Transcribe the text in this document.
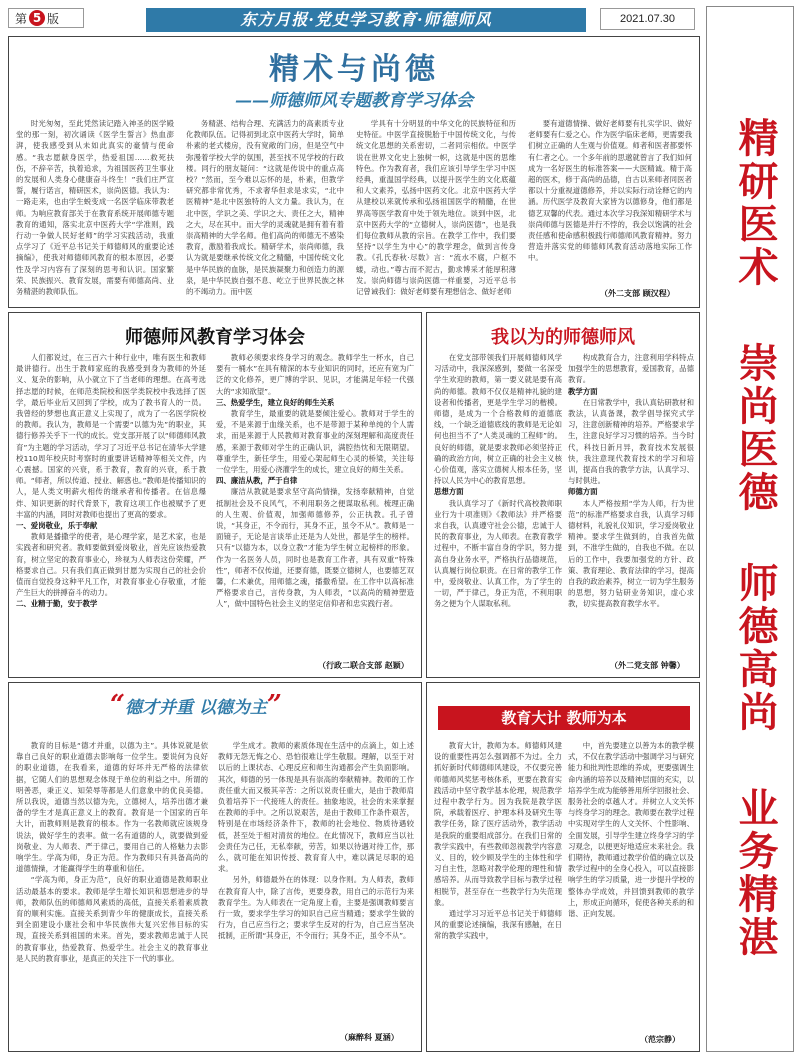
第 5 版	东方月报·党史学习教育·师德师风	2021.07.30
精研医术
崇尚医德
师德高尚
业务精湛
精术与尚德
——师德师风专题教育学习体会

时光匆匆，至此凭然读记踏入神圣的医学殿堂的那一刻，初次诵读《医学生誓言》热血澎湃，使我感受到从未如此真实的豪情与使命感。“我志愿献身医学，热爱祖国……救死扶伤，不辞辛苦，执着追求，为祖国医药卫生事业的发展和人类身心健康奋斗终生！”我们庄严宣誓，履行诺言，精研医术，崇尚医德。我认为：一路走来，也由学生蜕变成一名医学临床带教老师。为响应教育部关于在教育系统开展师德专题教育的通知，落实北京中医药大学“学准则，践行动一争做人民好老师”的学习实践活动，我重点学习了《近平总书记关于师德师风的重要论述摘编》，使我对师德师风教育的根本原因，必要性及学习内容有了深刻的思考和认识。国家繁荣、民族振兴、教育发展，需要有师德高尚、业务精湛的教师队伍。

务精湛、结构合理、充满活力的高素质专业化教师队伍。记得初到北京中医药大学时，简单朴素的老式楼房，没有宽敞的门房，但是空气中弥漫着学校大学的氛围，甚至找不见学校的行政楼。同行的朋友疑问：“这就是传说中的重点高校？”然而，至今难以忘怀的是，朴素，但教学研究都非常优秀，不求奢华但求是求实，“北中医精神”是北中医独特的人文力量。我认为，在北中医，学识之美、学识之大、责任之大，精神之大，尽在其中。而大学的灵魂就是拥有着有着崇高精神的大学名师。他们高尚的师德无不感染教育，激励着我成长。精研学术，崇尚师德，我认为就是要继承传统文化之精髓，中国传统文化是中华民族的血脉，是民族凝聚力和创造力的源泉，是中华民族自强不息、屹立于世界民族之林的不竭动力。而中医

学具有十分明显的中华文化的民族特征和历史特征。中医学直接脱胎于中国传统文化，与传统文化思想的关系密切，二者同宗相依。中医学说在世界文化史上独树一帜，这就是中医的思维特色。作为教育者，我们应该引导学生学习中医经典，重温国学经典，以提升医学生的文化底蕴和人文素养，弘扬中医药文化。北京中医药大学从建校以来就传承和弘扬祖国医学的精髓，在世界高等医学教育中处于领先地位。谈到中医，北京中医药大学的“立德树人，崇尚医德”，也是我们每位教师从教的宗旨。在教学工作中，我们要坚持“以学生为中心”的教学理念，做到言传身教。《孔氏春秋·尽数》言：“流水不腐，户枢不蝼，动也。”尊古而不泥古，勤求博采才能厚积薄发。崇尚师德与崇尚医德一样重要，习近平总书记曾诫我们：做好老师要有理想信念、做好老师

要有道德情操、做好老师要有扎实学识、做好老师要有仁爱之心。作为医学临床老师，更需要我们树立正确的人生观与价值观。师者和医者都要怀有仁者之心。一个多年前的思邈就曾言了我们如何成为一名好医生的标准答案——大医精诚。精于高超的医术，修于高尚的品德，自古以来师者同医者都以十分重视道德修养，并以实际行动诠释它的内涵。历代医学及教育大家皆为以德修身，他们都是德艺双馨的代表。通过本次学习我深知精研学术与崇尚师德与医德是并行不悖的，我会以饱满的社会责任感和使命感积极践行师德师风教育精神。努力营造并落实党的师德师风教育活动落地实际工作中。

（外二支部 顾汉程）
师德师风教育学习体会

人们都说过，在三百六十种行业中，唯有医生和教师最讲德行。出生于教师家庭的我感受到身为教师的外延义、复杂的影响，从小就立下了当老师的理想。在高考选择志愿的时候，在师范类院校和医学类院校中我选择了医学，最后毕业后又回到了学校，成为了教书育人的一员。我曾经的梦想也真正意义上实现了，成为了一名医学院校的教师。我认为，教师是一个需要“以德为先”的职业，其德行修养关乎下一代的成长。党支部开展了以“师德师风教育”为主题的学习活动，学习了习近平总书记在清华大学建校110周年校庆时考察时的重要讲话精神等相关文件，内心震撼。国家的兴衰，系于教育，教育的兴衰，系于教师。“师者，所以传道、授业、解惑也。”教师是传播知识的人，是人类文明薪火相传的继承者和传播者。在信息爆炸、知识更新的时代背景下，教育这项工作也被赋予了更丰富的内涵，同时对教师也提出了更高的要求。

一、爱岗敬业，乐于奉献

教师是播撒学的使者，是心理学家，是艺术家，也是实践者和研究者。教师要做到爱岗敬业，首先应该热爱教育，树立坚定的教育事业心，珍视为人师表这份荣耀，严格要求自己。只有我们真正做到甘愿为实现自己的社会价值而自觉投身这种平凡工作，对教育事业心存敬重，才能产生巨大的拼搏奋斗的动力。

二、业精于勤，安于教学

教师必须要求终身学习的观念。教师学生一杯水，自己要有一桶水”在具有精深的本专业知识的同时，还应有宽为广泛的文化修养，更广博的学识、见识，才能满足年轻一代强大的“求知欲望”。

三、热爱学生，建立良好的师生关系

教育学生，最重要的就是要倾注爱心。教师对于学生的爱，不是来源于血缘关系，也不是带源于某种单纯的个人需求，而是来源于人民教师对教育事业的深刻理解和高度责任感，来源于教师对学生的正确认识，满腔热忱和无限期望。尊重学生，新任学生，用爱心架起师生心灵的桥梁，关注每一位学生，用爱心浇灌学生的成长，建立良好的师生关系。

四、廉洁从教，严于自律

廉洁从教就是要求坚守高尚情操，发扬奉献精神，自觉抵制社会及不良风气，不利用职务之便谋取私利。梳理正确的人生观、价值观，加强师德修养，公正执教。孔子曾说，“其身正，不令而行，其身不正，虽令不从”。教师是一面镜子，无论是言谈举止还是为人处世，都是学生的榜样。只有“以德为本，以身立教”才能为学生树立起榜样的形象。作为一名医务人员，同时也是教育工作者，具有双重“特殊性”，师者不仅传道，还要育德，既要立德树人，也要德艺双馨，仁术兼优，用师德之魂，播撒希望。在工作中以高标准严格要求自己，言传身教，为人师表，“以高尚的精神塑造人”，做中国特色社会主义的坚定信仰者和忠实践行者。

（行政二联合支部 赵颖）
我以为的师德师风

在党支部带领我们开展师德师风学习活动中，我深深感到，要做一名深受学生欢迎的教师，第一要义就是要有高尚的师德。教师不仅仅是精神礼貌的建设者和传播者，更是学生学习的楷模。师德，是成为一个合格教师的道德底线，一个缺乏道德底线的教师是无论如何也担当不了“人类灵魂的工程师”的。良好的师德，就是要求教师必须坚持正确的政治方向，树立正确的社会主义核心价值观，落实立德树人根本任务，坚持以人民为中心的教育思想。

思想方面

我认真学习了《新时代高校教师职业行为十项准则》《教师法》并严格要求自我，认真遵守社会公德，忠诚于人民的教育事业，为人师表。在教育教学过程中，不断丰富自身的学识，努力提高自身业务水平，严格执行品德规范，认真履行岗位职责。在日常的教学工作中，爱岗敬业、认真工作，为了学生的一切，严于律己，身正为范，不利用职务之便为个人谋取私利。

构成教育合力，注意利用学科特点加强学生的思想教育，爱国教育，品德教育。

教学方面

在日常教学中，我认真钻研教材和教法，认真备课，教学倡导探究式学习，注意创新精神的培养。严格要求学生，注意良好学习习惯的培养。当今时代，科技日新月异，教育技术发展很快，我注意现代教育技术的学习和培训，提高自我的教学方法，认真学习、与时俱进。

师德方面

本人严格按照“学为人师，行为世范”的标准严格要求自我，认真学习师德材料，礼貌礼仪知识，学习爱岗敬业精神。要求学生做到的，自我首先做到，不准学生做的，自我也不做。在以后的工作中，我要加强党的方针、政策、教育理论、教育法律的学习，提高自我的政治素养，树立一切为学生服务的思想，努力钻研业务知识，虚心求教，切实提高教育教学水平。

（外二党支部 钟馨）
“德才并重 以德为主”

教育的目标是“德才并重，以德为主”。具体说就是依靠自己良好的职业道德去影响每一位学生。要说何为良好的职业道德，在我看来，道德的好坏并无严格的法律依据，它随人们的思想观念体现于单位的利益之中。所谓的明善恶，秉正义、知荣辱等都是人们意象中的优良美德。所以我说，道德当然以德为先，立德树人，培养出德才兼备的学生才是真正意义上的教育。教育是一个国家的百年大计，而教师则是教育的根本。作为一名教师就应该规身说法，做好学生的表率。做一名有道德的人，就要做到爱岗敬业、为人师表、严于律己，要用自己的人格魅力去影响学生。学高为师，身正为范。作为教师只有具备高尚的道德情操，才能赢得学生的尊重和信任。

“学高为师，身正为范”，良好的职业道德是教师职业活动最基本的要求。教师是学生增长知识和思想进步的导师，教师队伍的师德师风素质的高低，直接关系着素质教育的顺利实施。直接关系到青少年的健康成长，直接关系到全面建设小康社会和中华民族伟大复兴宏伟目标的实现，直接关系到祖国的未来。首先，要求教师忠诚于人民的教育事业，热爱教育、热爱学生。社会主义的教育事业是人民的教育事业，是真正的关注下一代的事业。

学生成才。教师的素质体现在生活中的点滴上，如上述教师无怨无悔之心、恐怕很难让学生敬服。理解，以至于对以后的上课状态、心理反应和师生沟通都会产生负面影响。其次，师德的另一体现是具有崇高的奉献精神。教师的工作责任重大而又极其辛苦：之所以说责任重大，是由于教师肩负着培养下一代接班人的责任。抽象地说，社会的未来掌握在教师的手中。之所以说艰苦，是由于教师工作条件艰苦，特别是在市场经济条件下，教师的社会地位、物质待遇较低，甚至处于相对清贫的地位。在此情况下，教师应当以社会责任为己任，无私奉献，劳苦，如果以待遇对待工作，那么，就可能在知识传授、教育育人中，难以满足尽职的追求。

另外，师德最外在的体现：以身作则。为人师表，教师在教育育人中，除了言传，更要身教，用自己的示范行为来教育学生。为人师表在一定角度上看，主要是强调教师要言行一致，要求学生学习的知识自己应当精通；要求学生做的行为，自己应当行之；要求学生反对的行为，自己应当坚决抵制，正所谓“其身正，不令而行；其身不正，虽令不从”。

（麻醉科 夏涵）
教育大计 教师为本

教育大计，教师为本。师德师风建设的重要性再怎么强调都不为过。全力抓好新时代师德师风建设，不仅要完善师德师风奖惩考核体系，更要在教育实践活动中坚守教学基本伦理，规范教学过程中教学行为。因为我院是教学医院，承载着医疗、护理本科及研究生等教学任务，除了医疗活动外，教学活动是我院的重要组成部分。在我们日常的教学实践中，有些教师忽视教学内容意义、目的，较少顾及学生的主体性和学习自主性，忽略对教学伦理的理性和情感培养。从而导致教学目标与教学过程相脱节，甚至存在一些教学行为失范现象。

通过学习习近平总书记关于师德师风的重要论述摘编，我深有感触，在日常的教学实践中，

中，首先要建立以善为本的教学模式，不仅在教学活动中强调学习与研究能力和批判性思维的养成，更要强调生命内涵的培养以及精神层面的充实，以培养学生成为能够善用所学回报社会、服务社会的卓越人才。并树立人文关怀与终身学习的理念。教师要在教学过程中实现对学生的人文关怀、个性影响、全面发展，引导学生建立终身学习的学习观念，以便更好地适应未来社会。我们期待，教师通过教学价值的确立以及教学过程中的全身心投入，可以直接影响学生的学习质量，进一步提升学校的整体办学成效，并回馈到教师的教学上，形成正向循环，促使各种关系的和谐、正向发展。

（范宗静）
